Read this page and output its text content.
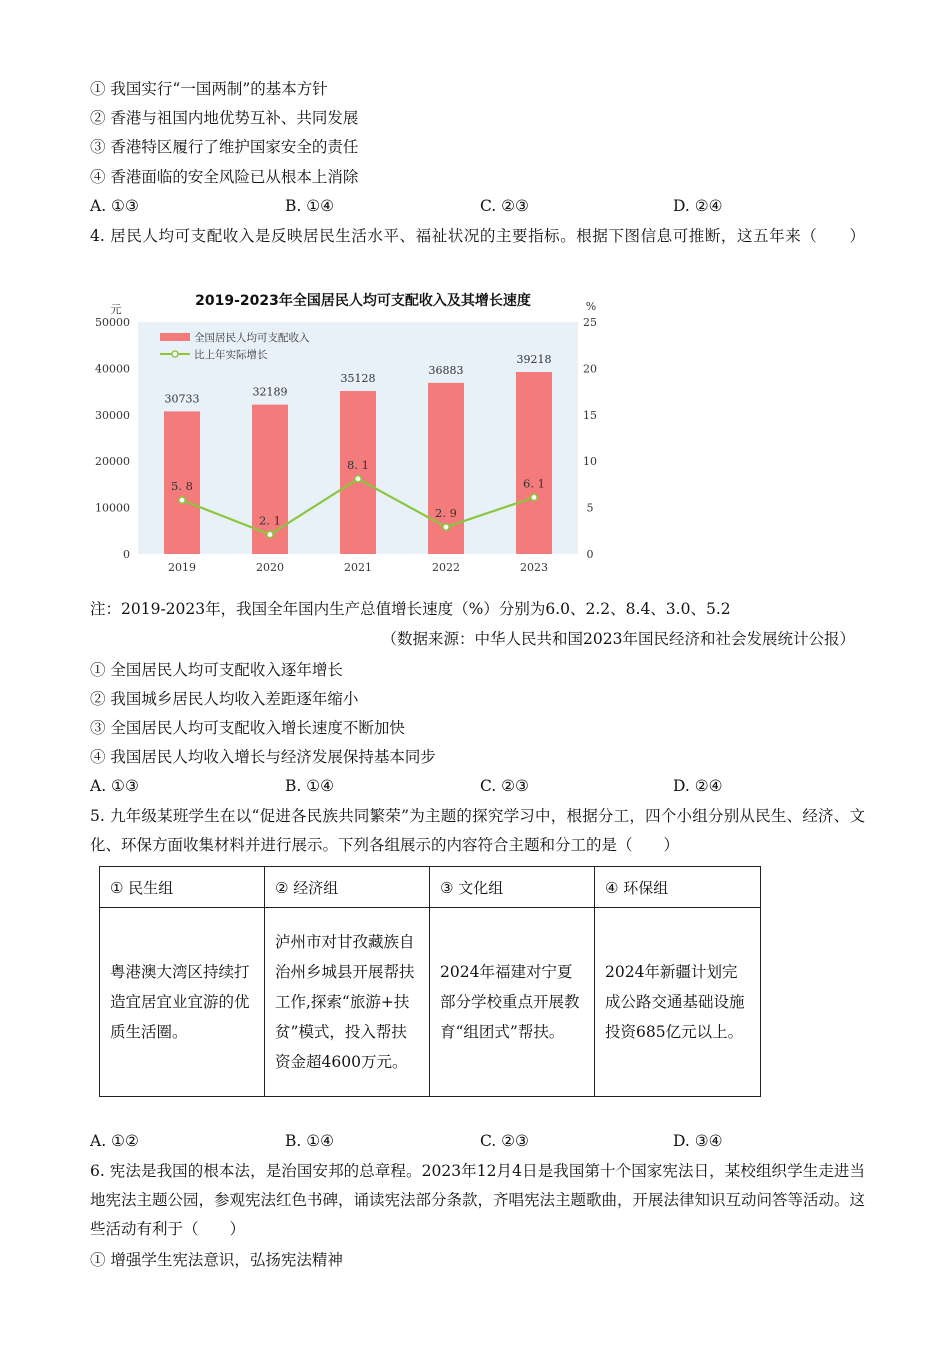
① 我国实行“一国两制”的基本方针
② 香港与祖国内地优势互补、共同发展
③ 香港特区履行了维护国家安全的责任
④ 香港面临的安全风险已从根本上消除
A. ①③	B. ①④	C. ②③	D. ②④
4. 居民人均可支配收入是反映居民生活水平、福祉状况的主要指标。根据下图信息可推断，这五年来（　　）
2019-2023年全国居民人均可支配收入及其增长速度
元	%
0
10000
20000
30000
40000
50000
0
5
10
15
20
25
2019	2020	2021	2022	2023
30733
32189
35128
36883
39218
5. 8
2. 1
8. 1
2. 9
6. 1
全国居民人均可支配收入
比上年实际增长
注：2019-2023年，我国全年国内生产总值增长速度（%）分别为6.0、2.2、8.4、3.0、5.2
（数据来源：中华人民共和国2023年国民经济和社会发展统计公报）
① 全国居民人均可支配收入逐年增长
② 我国城乡居民人均收入差距逐年缩小
③ 全国居民人均可支配收入增长速度不断加快
④ 我国居民人均收入增长与经济发展保持基本同步
A. ①③	B. ①④	C. ②③	D. ②④
5. 九年级某班学生在以“促进各民族共同繁荣”为主题的探究学习中，根据分工，四个小组分别从民生、经济、文化、环保方面收集材料并进行展示。下列各组展示的内容符合主题和分工的是（　　）
① 民生组	② 经济组	③ 文化组	④ 环保组
粤港澳大湾区持续打造宜居宜业宜游的优质生活圈。	泸州市对甘孜藏族自治州乡城县开展帮扶工作,探索“旅游+扶贫”模式，投入帮扶资金超4600万元。	2024年福建对宁夏部分学校重点开展教育“组团式”帮扶。	2024年新疆计划完成公路交通基础设施投资685亿元以上。
A. ①②	B. ①④	C. ②③	D. ③④
6. 宪法是我国的根本法，是治国安邦的总章程。2023年12月4日是我国第十个国家宪法日，某校组织学生走进当地宪法主题公园，参观宪法红色书碑，诵读宪法部分条款，齐唱宪法主题歌曲，开展法律知识互动问答等活动。这些活动有利于（　　）
① 增强学生宪法意识，弘扬宪法精神
